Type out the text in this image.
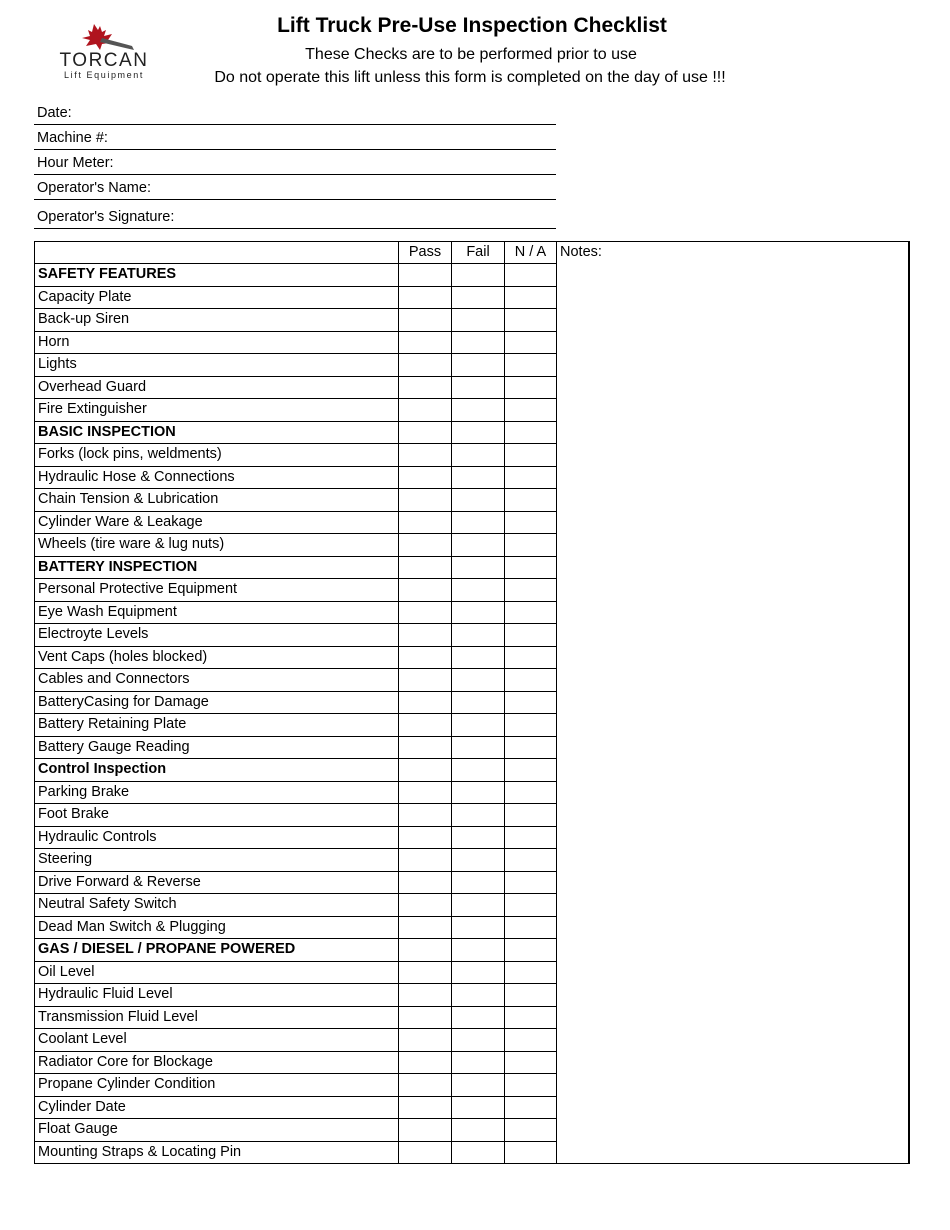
TORCAN
Lift Equipment
Lift Truck Pre-Use Inspection Checklist
These Checks are to be performed prior to use
Do not operate this lift unless this form is completed on the day of use !!!
Date:
Machine #:
Hour Meter:
Operator's Name:
Operator's Signature:
	Pass	Fail	N / A	Notes:
SAFETY FEATURES				
Capacity Plate				
Back-up Siren				
Horn				
Lights				
Overhead Guard				
Fire Extinguisher				
BASIC INSPECTION				
Forks (lock pins, weldments)				
Hydraulic Hose & Connections				
Chain Tension & Lubrication				
Cylinder Ware & Leakage				
Wheels (tire ware & lug nuts)				
BATTERY INSPECTION				
Personal Protective Equipment				
Eye Wash Equipment				
Electroyte Levels				
Vent Caps (holes blocked)				
Cables and Connectors				
BatteryCasing for Damage				
Battery Retaining Plate				
Battery Gauge Reading				
Control Inspection				
Parking Brake				
Foot Brake				
Hydraulic Controls				
Steering				
Drive Forward & Reverse				
Neutral Safety Switch				
Dead Man Switch & Plugging				
GAS / DIESEL / PROPANE POWERED				
Oil Level				
Hydraulic Fluid Level				
Transmission Fluid Level				
Coolant Level				
Radiator Core for Blockage				
Propane Cylinder Condition				
Cylinder Date				
Float Gauge				
Mounting Straps & Locating Pin				
